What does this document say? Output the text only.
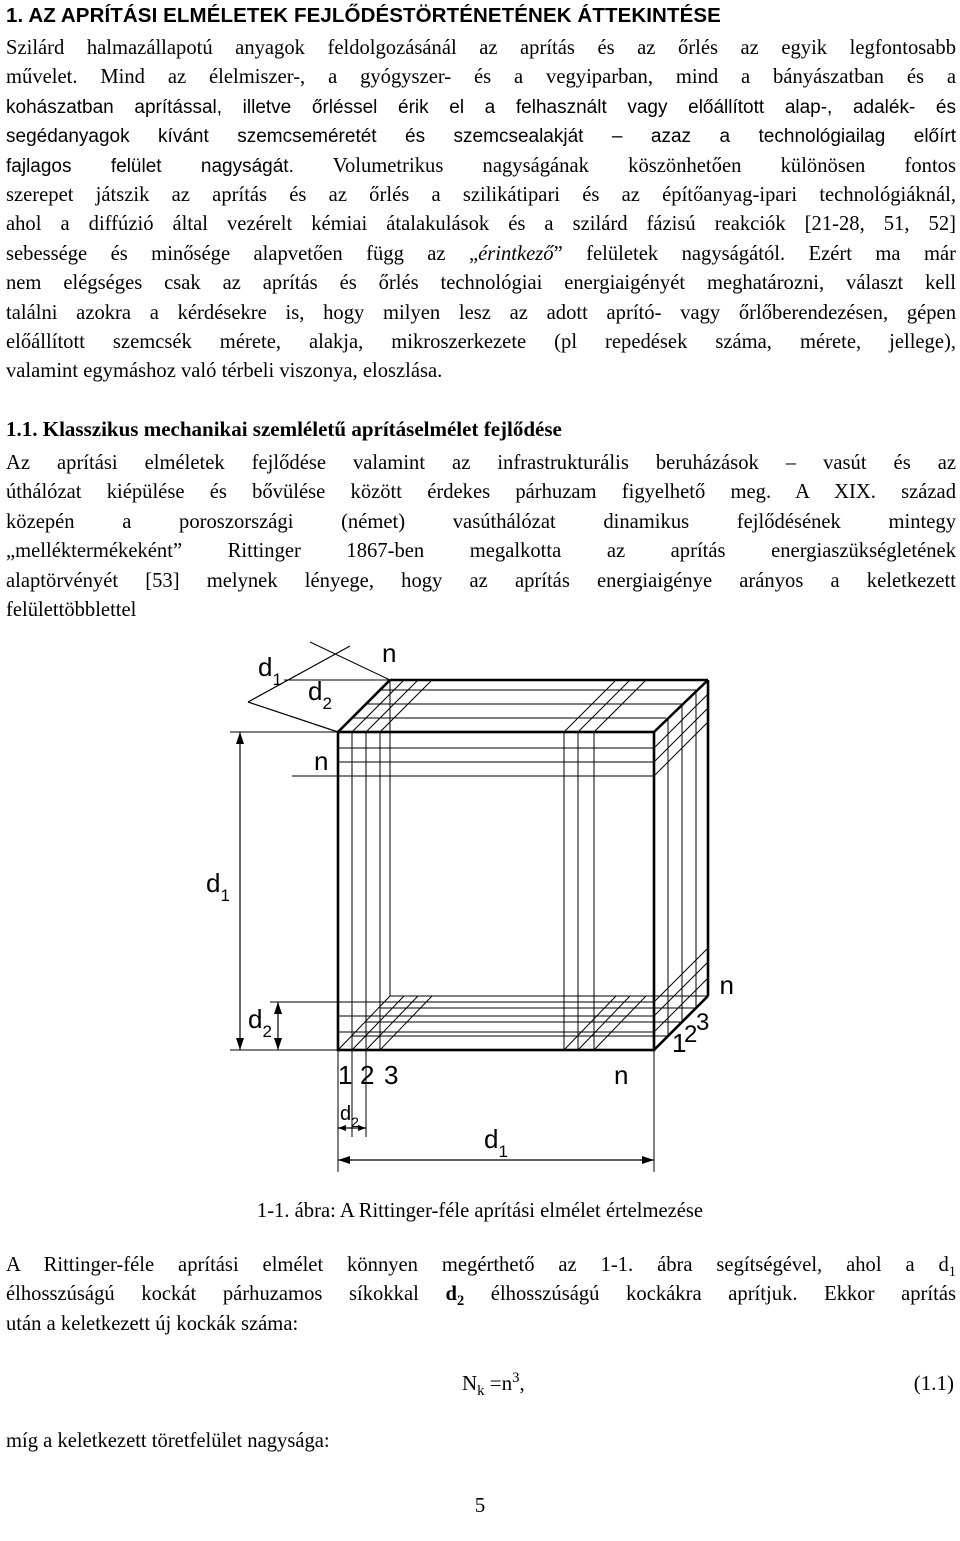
1. AZ APRÍTÁSI ELMÉLETEK FEJLŐDÉSTÖRTÉNETÉNEK ÁTTEKINTÉSE
Szilárd halmazállapotú anyagok feldolgozásánál az aprítás és az őrlés az egyik legfontosabb
művelet. Mind az élelmiszer-, a gyógyszer- és a vegyiparban, mind a bányászatban és a
kohászatban aprítással, illetve őrléssel érik el a felhasznált vagy előállított alap-, adalék- és
segédanyagok kívánt szemcseméretét és szemcsealakját – azaz a technológiailag előírt
fajlagos felület nagyságát. Volumetrikus nagyságának köszönhetően különösen fontos
szerepet játszik az aprítás és az őrlés a szilikátipari és az építőanyag-ipari technológiáknál,
ahol a diffúzió által vezérelt kémiai átalakulások és a szilárd fázisú reakciók [21-28, 51, 52]
sebessége és minősége alapvetően függ az „érintkező” felületek nagyságától. Ezért ma már
nem elégséges csak az aprítás és őrlés technológiai energiaigényét meghatározni, választ kell
találni azokra a kérdésekre is, hogy milyen lesz az adott aprító- vagy őrlőberendezésen, gépen
előállított szemcsék mérete, alakja, mikroszerkezete (pl repedések száma, mérete, jellege),
valamint egymáshoz való térbeli viszonya, eloszlása.
1.1. Klasszikus mechanikai szemléletű aprításelmélet fejlődése
Az aprítási elméletek fejlődése valamint az infrastrukturális beruházások – vasút és az
úthálózat kiépülése és bővülése között érdekes párhuzam figyelhető meg. A XIX. század
közepén a poroszországi (német) vasúthálózat dinamikus fejlődésének mintegy
„melléktermékeként” Rittinger 1867-ben megalkotta az aprítás energiaszükségletének
alaptörvényét [53] melynek lényege, hogy az aprítás energiaigénye arányos a keletkezett
felülettöbblettel
$d_1$
n
$d_2$
n
$d_1$
$d_2$
n
1
2
3
1 2 3	n
$d_2$
$d_1$
1-1. ábra: A Rittinger-féle aprítási elmélet értelmezése
A Rittinger-féle aprítási elmélet könnyen megérthető az 1-1. ábra segítségével, ahol a $d_1$
élhosszúságú kockát párhuzamos síkokkal $d_2$ élhosszúságú kockákra aprítjuk. Ekkor aprítás
után a keletkezett új kockák száma:
$N_k =n^3$,	(1.1)
míg a keletkezett töretfelület nagysága:
5
